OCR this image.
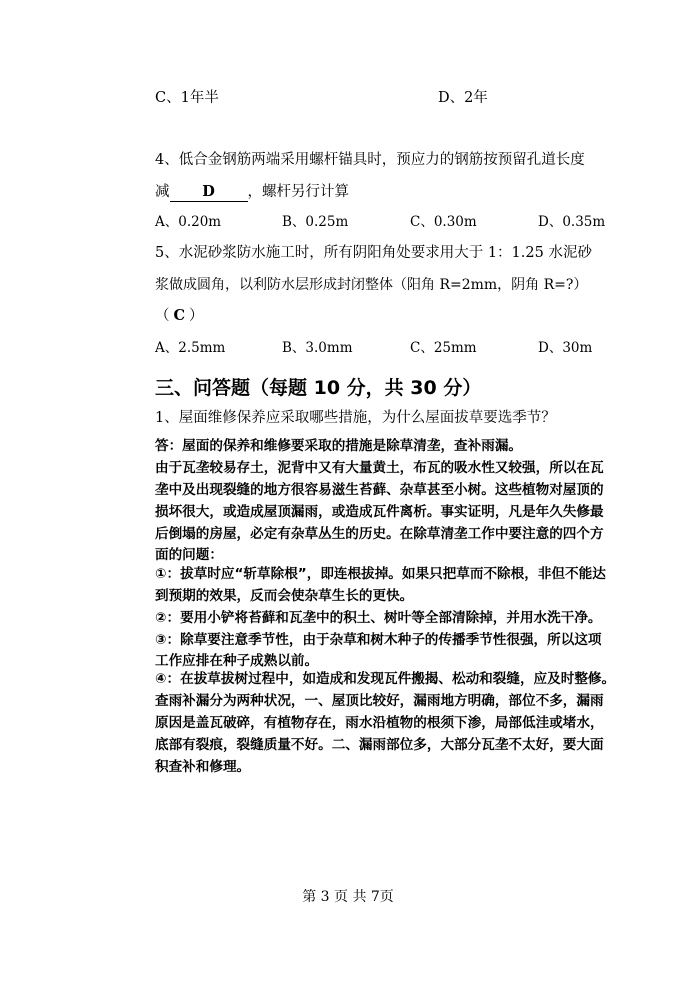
C、1年半	D、2年
4、低合金钢筋两端采用螺杆锚具时，预应力的钢筋按预留孔道长度
减 D ，螺杆另行计算
A、0.20m	B、0.25m	C、0.30m	D、0.35m
5、水泥砂浆防水施工时，所有阴阳角处要求用大于 1：1.25 水泥砂
浆做成圆角，以利防水层形成封闭整体（阳角 R=2mm，阴角 R=?）
（ C ）
A、2.5mm	B、3.0mm	C、25mm	D、30m
三、问答题（每题 10 分，共 30 分）
1、屋面维修保养应采取哪些措施，为什么屋面拔草要选季节？
答：屋面的保养和维修要采取的措施是除草清垄，查补雨漏。
由于瓦垄较易存土，泥背中又有大量黄土，布瓦的吸水性又较强，所以在瓦
垄中及出现裂缝的地方很容易滋生苔藓、杂草甚至小树。这些植物对屋顶的
损坏很大，或造成屋顶漏雨，或造成瓦件离析。事实证明，凡是年久失修最
后倒塌的房屋，必定有杂草丛生的历史。在除草清垄工作中要注意的四个方
面的问题：
①：拔草时应“斩草除根”，即连根拔掉。如果只把草而不除根，非但不能达
到预期的效果，反而会使杂草生长的更快。
②：要用小铲将苔藓和瓦垄中的积土、树叶等全部清除掉，并用水洗干净。
③：除草要注意季节性，由于杂草和树木种子的传播季节性很强，所以这项
工作应排在种子成熟以前。
④：在拔草拔树过程中，如造成和发现瓦件搬揭、松动和裂缝，应及时整修。
查雨补漏分为两种状况，一、屋顶比较好，漏雨地方明确，部位不多，漏雨
原因是盖瓦破碎，有植物存在，雨水沿植物的根须下渗，局部低洼或堵水，
底部有裂痕，裂缝质量不好。二、漏雨部位多，大部分瓦垄不太好，要大面
积查补和修理。
第 3 页 共 7页
